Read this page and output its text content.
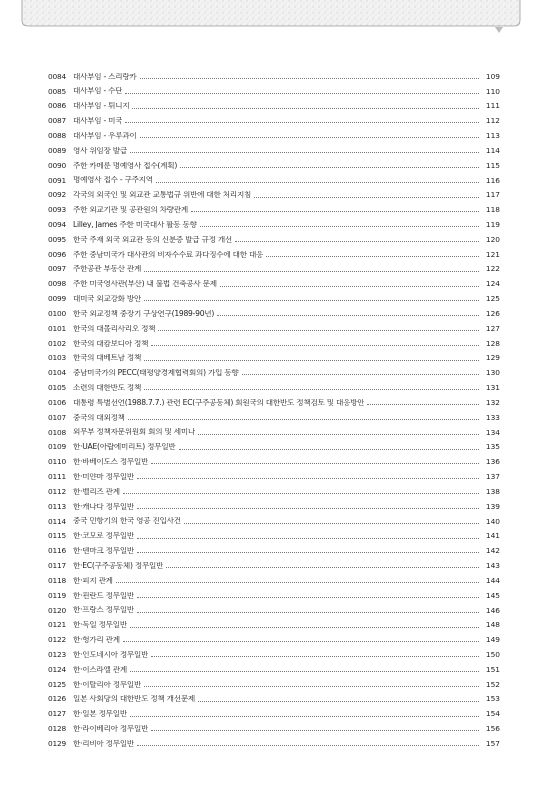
0084 대사부임 - 스리랑카	109
0085 대사부임 - 수단	110
0086 대사부임 - 튀니지	111
0087 대사부임 - 미국	112
0088 대사부임 - 우루과이	113
0089 영사 위임장 발급	114
0090 주한 카메룬 명예영사 접수(계획)	115
0091 명예영사 접수 - 구주지역	116
0092 각국의 외국인 및 외교관 교통법규 위반에 대한 처리지침	117
0093 주한 외교기관 및 공관원의 차량관계	118
0094 Lilley, James 주한 미국대사 활동 동향	119
0095 한국 주재 외국 외교관 등의 신분증 발급 규정 개선	120
0096 주한 중남미국가 대사관의 비자수수료 과다징수에 대한 대응	121
0097 주한공관 부동산 관계	122
0098 주한 미국영사관(부산) 내 불법 건축공사 문제	124
0099 대미국 외교강화 방안	125
0100 한국 외교정책 중장기 구상연구(1989-90년)	126
0101 한국의 대몰리사리오 정책	127
0102 한국의 대캄보디아 정책	128
0103 한국의 대베트남 정책	129
0104 중남미국가의 PECC(태평양경제협력회의) 가입 동향	130
0105 소련의 대한반도 정책	131
0106 대통령 특별선언(1988.7.7.) 관련 EC(구주공동체) 회원국의 대한반도 정책검토 및 대응방안	132
0107 중국의 대외정책	133
0108 외무부 정책자문위원회 회의 및 세미나	134
0109 한·UAE(아랍에미리트) 정무일반	135
0110 한·바베이도스 정무일반	136
0111 한·미얀마 정무일반	137
0112 한·벨리즈 관계	138
0113 한·캐나다 정무일반	139
0114 중국 민항기의 한국 영공 진입사건	140
0115 한·코모로 정무일반	141
0116 한·덴마크 정무일반	142
0117 한·EC(구주공동체) 정무일반	143
0118 한·피지 관계	144
0119 한·핀란드 정무일반	145
0120 한·프랑스 정무일반	146
0121 한·독일 정무일반	148
0122 한·헝가리 관계	149
0123 한·인도네시아 정무일반	150
0124 한·이스라엘 관계	151
0125 한·이탈리아 정무일반	152
0126 일본 사회당의 대한반도 정책 개선문제	153
0127 한·일본 정무일반	154
0128 한·라이베리아 정무일반	156
0129 한·리비아 정무일반	157
